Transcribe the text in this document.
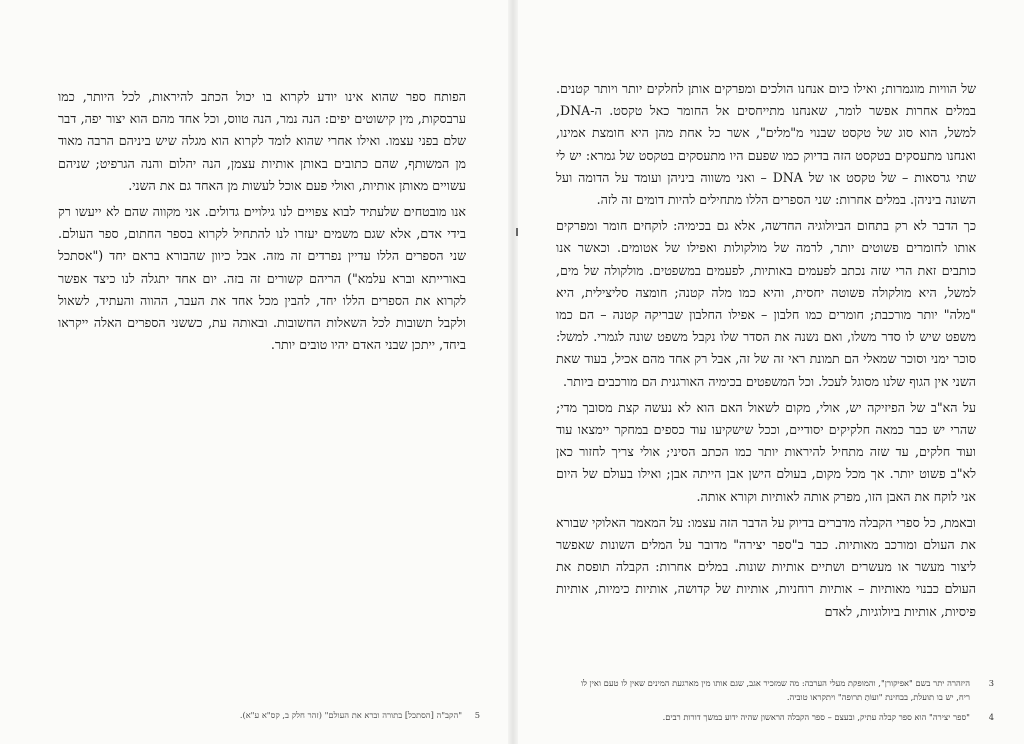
הפותח ספר שהוא אינו יודע לקרוא בו יכול הכתב להיראות, לכל היותר, כמו ערבסקות, מין קישוטים יפים: הנה נמר, הנה טווס, וכל אחד מהם הוא יצור יפה, דבר שלם בפני עצמו. ואילו אחרי שהוא לומד לקרוא הוא מגלה שיש ביניהם הרבה מאוד מן המשותף, שהם כתובים באותן אותיות עצמן, הנה יהלום והנה הגרפיט; שניהם עשויים מאותן אותיות, ואולי פעם אוכל לעשות מן האחד גם את השני.

אנו מובטחים שלעתיד לבוא צפויים לנו גילויים גדולים. אני מקווה שהם לא ייעשו רק בידי אדם, אלא שגם משמים יעזרו לנו להתחיל לקרוא בספר החתום, ספר העולם. שני הספרים הללו עדיין נפרדים זה מזה. אבל כיוון שהבורא בראם יחד ("אסתכל באורייתא וברא עלמא") הריהם קשורים זה בזה. יום אחד יתגלה לנו כיצד אפשר לקרוא את הספרים הללו יחד, להבין מכל אחד את העבר, ההווה והעתיד, לשאול ולקבל תשובות לכל השאלות החשובות. ובאותה עת, כששני הספרים האלה ייקראו ביחד, ייתכן שבני האדם יהיו טובים יותר.

5 "הקב"ה [הסתכל] בתורה וברא את העולם" (זהר חלק ב, קס"א ע"א).

של הוויות מוגמרות; ואילו כיום אנחנו הולכים ומפרקים אותן לחלקים יותר ויותר קטנים. במלים אחרות אפשר לומר, שאנחנו מתייחסים אל החומר כאל טקסט. ה-DNA, למשל, הוא סוג של טקסט שבנוי מ"מלים", אשר כל אחת מהן היא חומצת אמינו, ואנחנו מתעסקים בטקסט הזה בדיוק כמו שפעם היו מתעסקים בטקסט של גמרא: יש לי שתי גרסאות – של טקסט או של DNA – ואני משווה ביניהן ועומד על הדומה ועל השונה ביניהן. במלים אחרות: שני הספרים הללו מתחילים להיות דומים זה לזה.

כך הדבר לא רק בתחום הביולוגיה החדשה, אלא גם בכימיה: לוקחים חומר ומפרקים אותו לחומרים פשוטים יותר, לרמה של מולקולות ואפילו של אטומים. וכאשר אנו כותבים זאת הרי שזה נכתב לפעמים באותיות, לפעמים במשפטים. מולקולה של מים, למשל, היא מולקולה פשוטה יחסית, והיא כמו מלה קטנה; חומצה סליצילית, היא "מלה" יותר מורכבת; חומרים כמו חלבון – אפילו החלבון שבריקה קטנה – הם כמו משפט שיש לו סדר משלו, ואם נשנה את הסדר שלו נקבל משפט שונה לגמרי. למשל: סוכר ימני וסוכר שמאלי הם תמונת ראי זה של זה, אבל רק אחד מהם אכיל, בעוד שאת השני אין הגוף שלנו מסוגל לעכל. וכל המשפטים בכימיה האורגנית הם מורכבים ביותר.

על הא"ב של הפיזיקה יש, אולי, מקום לשאול האם הוא לא נעשה קצת מסובך מדי; שהרי יש כבר כמאה חלקיקים יסודיים, וככל שישקיעו עוד כספים במחקר יימצאו עוד ועוד חלקים, עד שזה מתחיל להיראות יותר כמו הכתב הסיני; אולי צריך לחזור כאן לא"ב פשוט יותר. אך מכל מקום, בעולם הישן אבן הייתה אבן; ואילו בעולם של היום אני לוקח את האבן הזו, מפרק אותה לאותיות וקורא אותה.

ובאמת, כל ספרי הקבלה מדברים בדיוק על הדבר הזה עצמו: על המאמר האלוקי שבורא את העולם ומורכב מאותיות. כבר ב"ספר יצירה" מדובר על המלים השונות שאפשר ליצור מעשר או מעשרים ושתיים אותיות שונות. במלים אחרות: הקבלה תופסת את העולם כבנוי מאותיות – אותיות רוחניות, אותיות של קדושה, אותיות כימיות, אותיות פיסיות, אותיות ביולוגיות, לאדם

3
היזהרה יתר בשם "אפיקורן", והמופקת מעלי הערבה: מה שמזכיר אגב, שגם אותו מין מארגעת המינים שאין לו טעם ואין לו ריח, יש בו תועלת, בבחינת "ועוֹתַ תרופה" ויתקראו טוביה.
4
"ספר יצירה" הוא ספר קבלה עתיק, ובעצם – ספר הקבלה הראשון שהיה ידוע במשך דורות רבים.
